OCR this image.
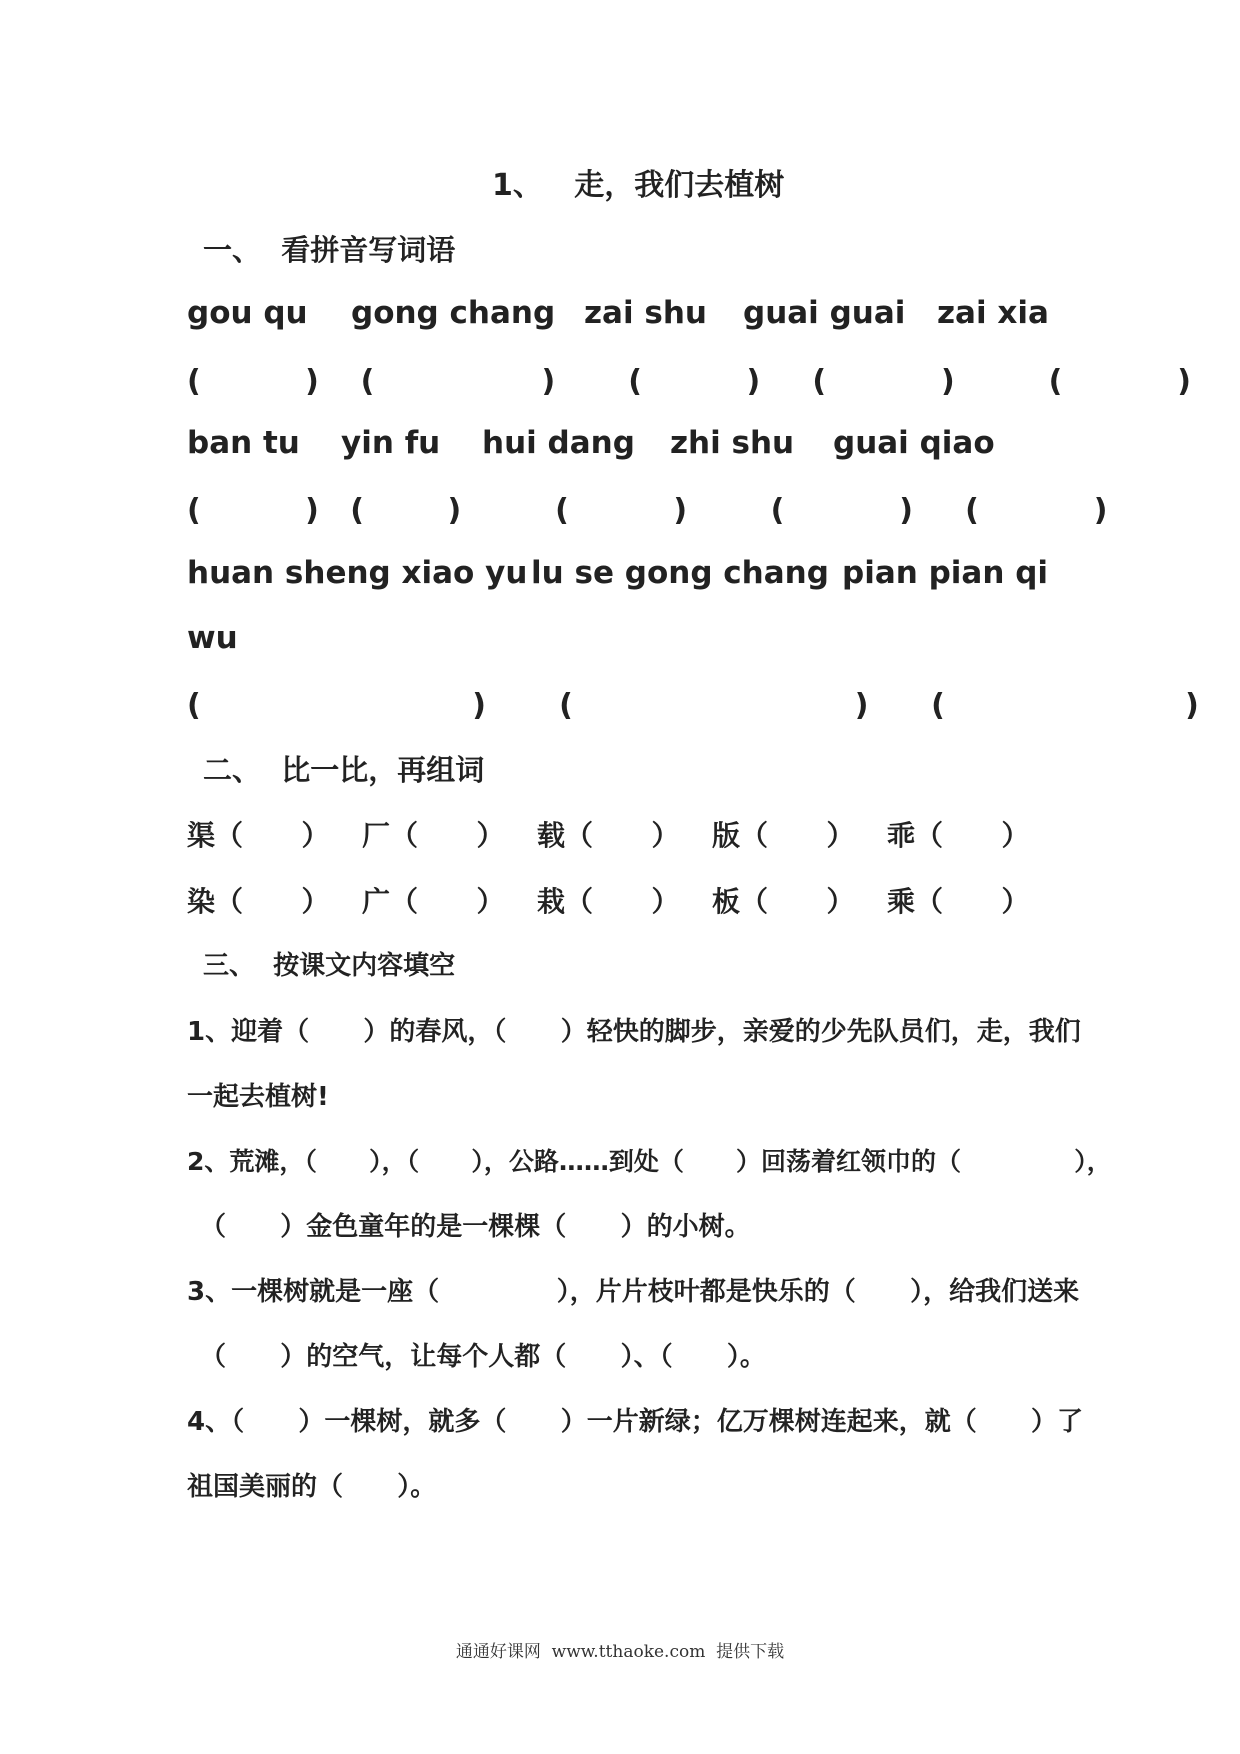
1、   走，我们去植树
一、  看拼音写词语
gou qu gong chang zai shu guai guai zai xia
(          )    (                )       (          )     (           )         (           )
ban tu yin fu hui dang zhi shu guai qiao
(          )   (        )         (          )        (           )     (           )
huan sheng xiao yu lu se gong chang pian pian qi
wu
(                          )       (                           )      (                       )
二、  比一比，再组词
渠（      ） 厂（      ） 载（      ） 版（      ） 乖（      ）
染（      ） 广（      ） 栽（      ） 板（      ） 乘（      ）
三、  按课文内容填空
1、迎着（      ）的春风，（      ）轻快的脚步，亲爱的少先队员们，走，我们
一起去植树!
2、荒滩，（      ），（      ），公路……到处（      ）回荡着红领巾的（             ），
（      ）金色童年的是一棵棵（      ）的小树。
3、一棵树就是一座（             ），片片枝叶都是快乐的（      ），给我们送来
（      ）的空气，让每个人都（      ）、（      ）。
4、（      ）一棵树，就多（      ）一片新绿；亿万棵树连起来，就（      ）了
祖国美丽的（      ）。
通通好课网  www.tthaoke.com  提供下载
